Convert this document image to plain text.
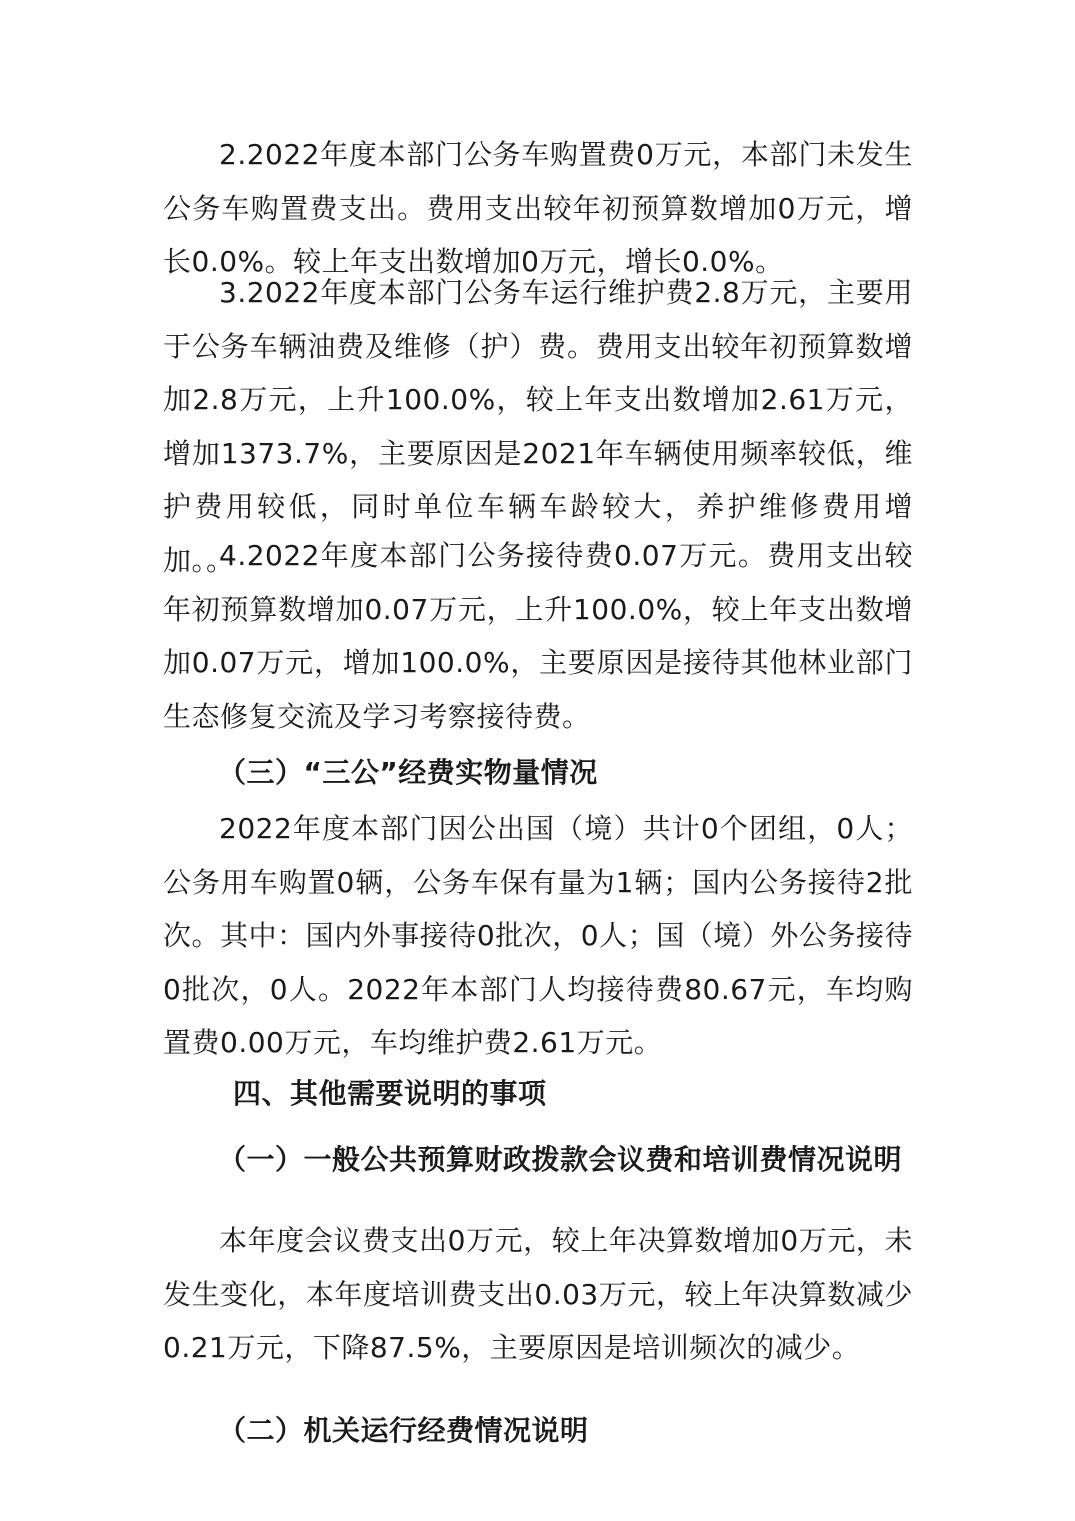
2.2022年度本部门公务车购置费0万元，本部门未发生公务车购置费支出。费用支出较年初预算数增加0万元，增长0.0%。较上年支出数增加0万元，增长0.0%。

3.2022年度本部门公务车运行维护费2.8万元，主要用于公务车辆油费及维修（护）费。费用支出较年初预算数增加2.8万元，上升100.0%，较上年支出数增加2.61万元，增加1373.7%，主要原因是2021年车辆使用频率较低，维护费用较低，同时单位车辆车龄较大，养护维修费用增加。。

4.2022年度本部门公务接待费0.07万元。费用支出较年初预算数增加0.07万元，上升100.0%，较上年支出数增加0.07万元，增加100.0%，主要原因是接待其他林业部门生态修复交流及学习考察接待费。

（三）“三公”经费实物量情况

2022年度本部门因公出国（境）共计0个团组，0人；公务用车购置0辆，公务车保有量为1辆；国内公务接待2批次。其中：国内外事接待0批次，0人；国（境）外公务接待0批次，0人。2022年本部门人均接待费80.67元，车均购置费0.00万元，车均维护费2.61万元。

四、其他需要说明的事项
（一）一般公共预算财政拨款会议费和培训费情况说明

本年度会议费支出0万元，较上年决算数增加0万元，未发生变化，本年度培训费支出0.03万元，较上年决算数减少0.21万元，下降87.5%，主要原因是培训频次的减少。

（二）机关运行经费情况说明
